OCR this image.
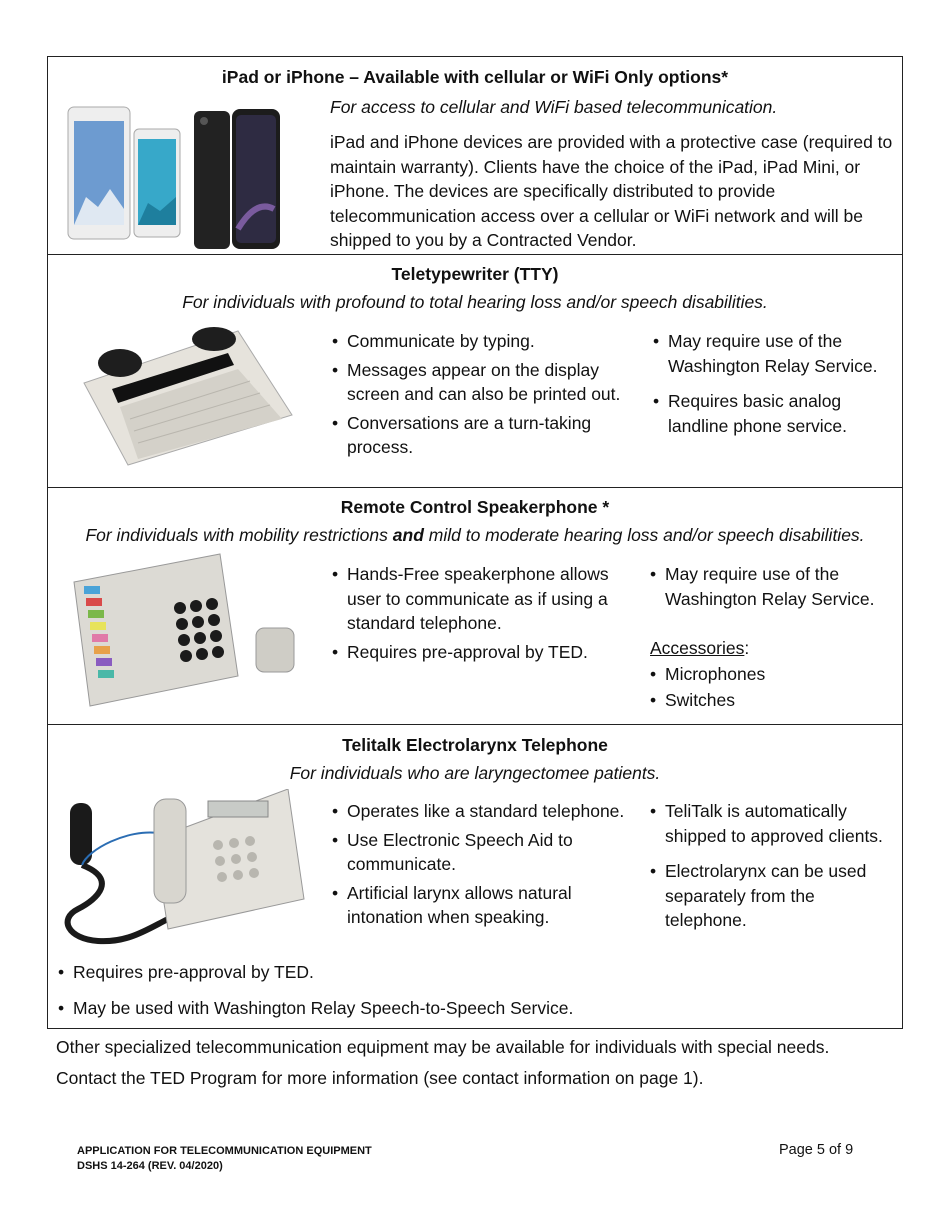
iPad or iPhone – Available with cellular or WiFi Only options*
For access to cellular and WiFi based telecommunication.
iPad and iPhone devices are provided with a protective case (required to maintain warranty). Clients have the choice of the iPad, iPad Mini, or iPhone. The devices are specifically distributed to provide telecommunication access over a cellular or WiFi network and will be shipped to you by a Contracted Vendor.
Teletypewriter (TTY)
For individuals with profound to total hearing loss and/or speech disabilities.
• Communicate by typing.
• Messages appear on the display screen and can also be printed out.
• Conversations are a turn-taking process.
• May require use of the Washington Relay Service.
• Requires basic analog landline phone service.
Remote Control Speakerphone *
For individuals with mobility restrictions and mild to moderate hearing loss and/or speech disabilities.
• Hands-Free speakerphone allows user to communicate as if using a standard telephone.
• Requires pre-approval by TED.
• May require use of the Washington Relay Service.
Accessories:
• Microphones
• Switches
Telitalk Electrolarynx Telephone
For individuals who are laryngectomee patients.
• Operates like a standard telephone.
• Use Electronic Speech Aid to communicate.
• Artificial larynx allows natural intonation when speaking.
• TeliTalk is automatically shipped to approved clients.
• Electrolarynx can be used separately from the telephone.
• Requires pre-approval by TED.
• May be used with Washington Relay Speech-to-Speech Service.
Other specialized telecommunication equipment may be available for individuals with special needs.
Contact the TED Program for more information (see contact information on page 1).
APPLICATION FOR TELECOMMUNICATION EQUIPMENT
DSHS 14-264 (REV. 04/2020)
Page 5 of 9
